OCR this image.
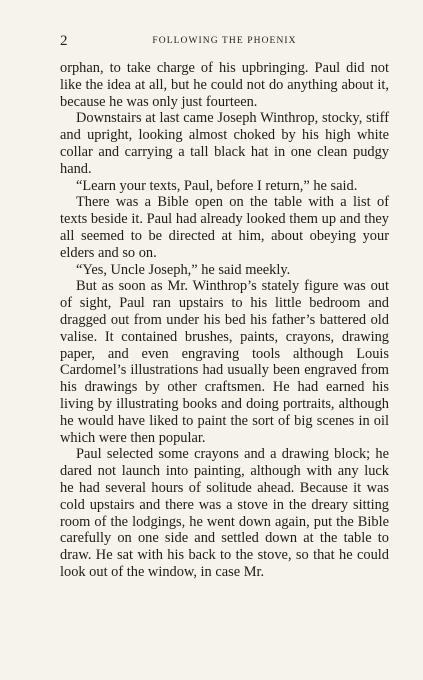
2	FOLLOWING THE PHOENIX

orphan, to take charge of his upbringing. Paul did not like the idea at all, but he could not do anything about it, because he was only just fourteen.

Downstairs at last came Joseph Winthrop, stocky, stiff and upright, looking almost choked by his high white collar and carrying a tall black hat in one clean pudgy hand.

“Learn your texts, Paul, before I return,” he said.

There was a Bible open on the table with a list of texts beside it. Paul had already looked them up and they all seemed to be directed at him, about obeying your elders and so on.

“Yes, Uncle Joseph,” he said meekly.

But as soon as Mr. Winthrop’s stately figure was out of sight, Paul ran upstairs to his little bedroom and dragged out from under his bed his father’s battered old valise. It contained brushes, paints, crayons, drawing paper, and even engraving tools although Louis Cardomel’s illustrations had usually been engraved from his drawings by other craftsmen. He had earned his living by illustrating books and doing portraits, although he would have liked to paint the sort of big scenes in oil which were then popular.

Paul selected some crayons and a drawing block; he dared not launch into painting, although with any luck he had several hours of solitude ahead. Because it was cold upstairs and there was a stove in the dreary sitting room of the lodgings, he went down again, put the Bible carefully on one side and settled down at the table to draw. He sat with his back to the stove, so that he could look out of the window, in case Mr.
